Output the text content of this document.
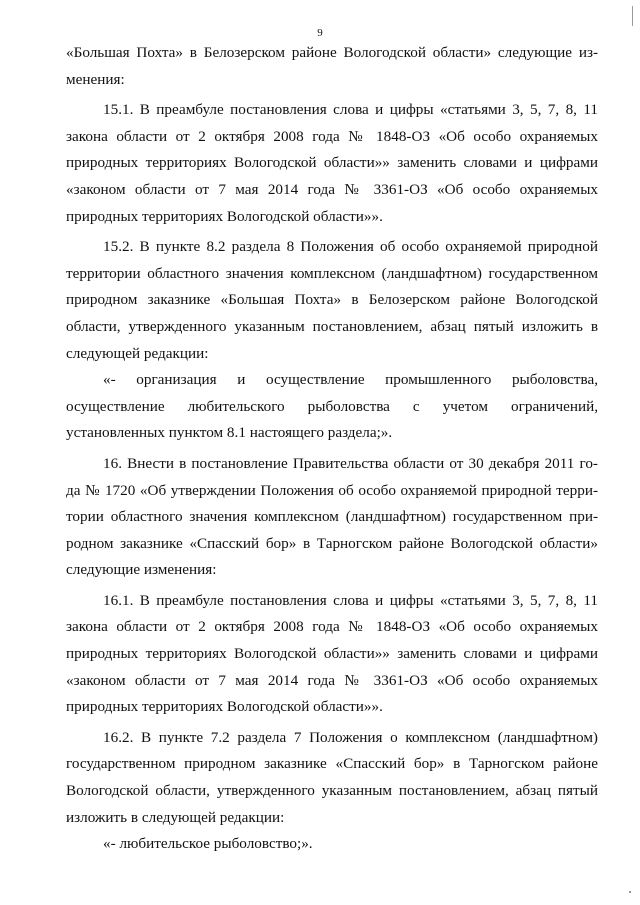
9
«Большая Похта» в Белозерском районе Вологодской области» следующие из-
менения:
15.1. В преамбуле постановления слова и цифры «статьями 3, 5, 7, 8, 11
закона области от 2 октября 2008 года № 1848-ОЗ «Об особо охраняемых
природных территориях Вологодской области»» заменить словами и цифрами
«законом области от 7 мая 2014 года № 3361-ОЗ «Об особо охраняемых
природных территориях Вологодской области»».
15.2. В пункте 8.2 раздела 8 Положения об особо охраняемой природной
территории областного значения комплексном (ландшафтном) государственном
природном заказнике «Большая Похта» в Белозерском районе Вологодской
области, утвержденного указанным постановлением, абзац пятый изложить в
следующей редакции:
«- организация и осуществление промышленного рыболовства,
осуществление любительского рыболовства с учетом ограничений,
установленных пунктом 8.1 настоящего раздела;».
16. Внести в постановление Правительства области от 30 декабря 2011 го-
да № 1720 «Об утверждении Положения об особо охраняемой природной терри-
тории областного значения комплексном (ландшафтном) государственном при-
родном заказнике «Спасский бор» в Тарногском районе Вологодской области»
следующие изменения:
16.1. В преамбуле постановления слова и цифры «статьями 3, 5, 7, 8, 11
закона области от 2 октября 2008 года № 1848-ОЗ «Об особо охраняемых
природных территориях Вологодской области»» заменить словами и цифрами
«законом области от 7 мая 2014 года № 3361-ОЗ «Об особо охраняемых
природных территориях Вологодской области»».
16.2. В пункте 7.2 раздела 7 Положения о комплексном (ландшафтном)
государственном природном заказнике «Спасский бор» в Тарногском районе
Вологодской области, утвержденного указанным постановлением, абзац пятый
изложить в следующей редакции:
«- любительское рыболовство;».
